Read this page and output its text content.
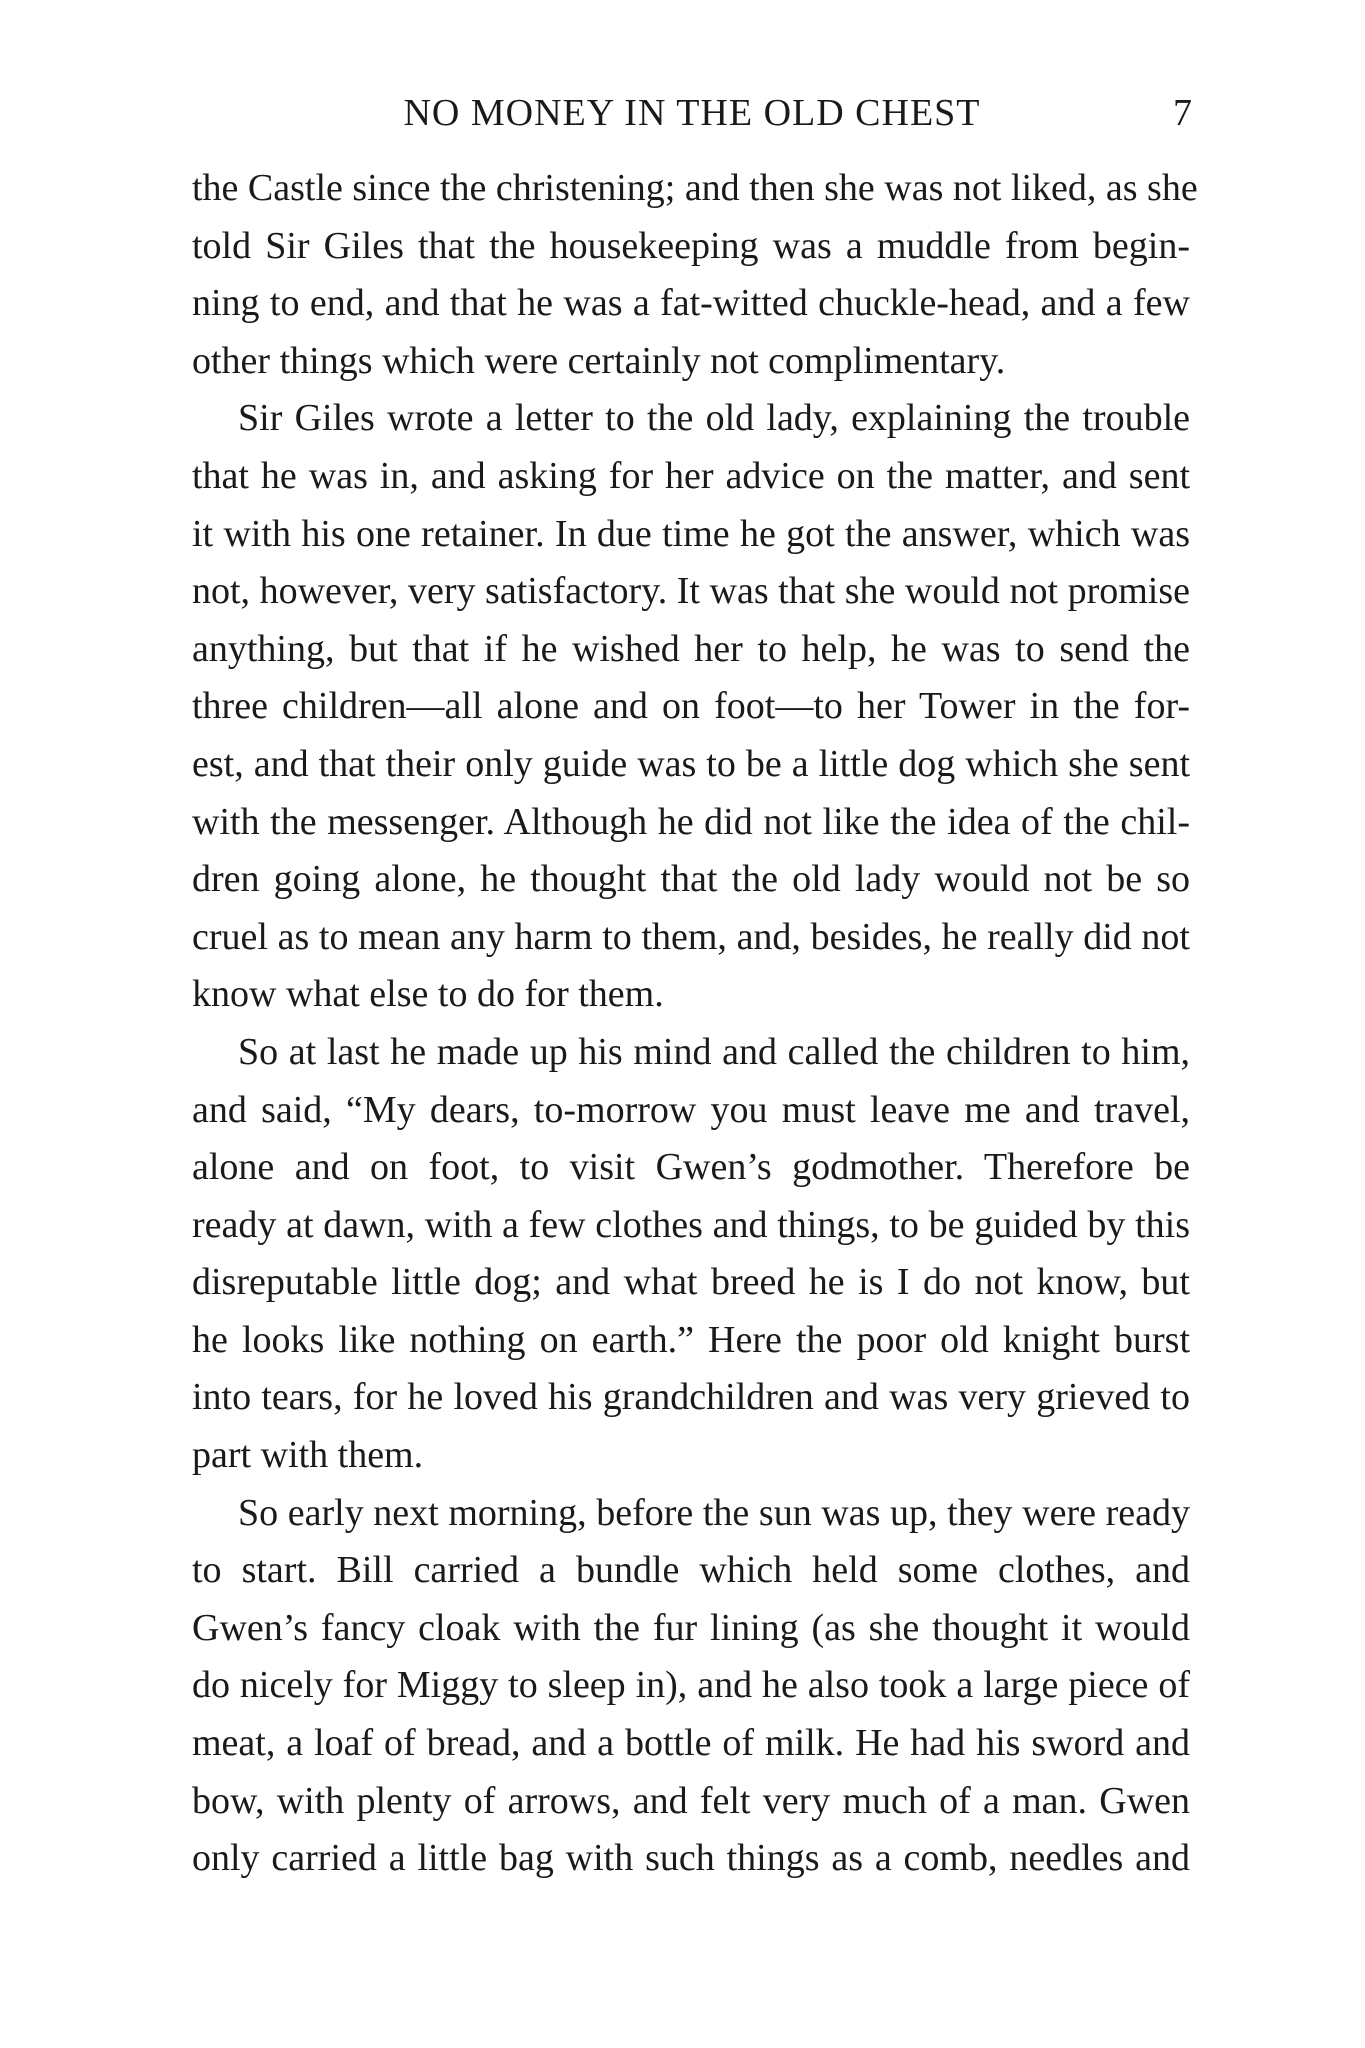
NO MONEY IN THE OLD CHEST	7
the Castle since the christening; and then she was not liked, as she
told Sir Giles that the housekeeping was a muddle from begin-
ning to end, and that he was a fat-witted chuckle-head, and a few
other things which were certainly not complimentary.
Sir Giles wrote a letter to the old lady, explaining the trouble
that he was in, and asking for her advice on the matter, and sent
it with his one retainer. In due time he got the answer, which was
not, however, very satisfactory. It was that she would not promise
anything, but that if he wished her to help, he was to send the
three children—all alone and on foot—to her Tower in the for-
est, and that their only guide was to be a little dog which she sent
with the messenger. Although he did not like the idea of the chil-
dren going alone, he thought that the old lady would not be so
cruel as to mean any harm to them, and, besides, he really did not
know what else to do for them.
So at last he made up his mind and called the children to him,
and said, “My dears, to-morrow you must leave me and travel,
alone and on foot, to visit Gwen’s godmother. Therefore be
ready at dawn, with a few clothes and things, to be guided by this
disreputable little dog; and what breed he is I do not know, but
he looks like nothing on earth.” Here the poor old knight burst
into tears, for he loved his grandchildren and was very grieved to
part with them.
So early next morning, before the sun was up, they were ready
to start. Bill carried a bundle which held some clothes, and
Gwen’s fancy cloak with the fur lining (as she thought it would
do nicely for Miggy to sleep in), and he also took a large piece of
meat, a loaf of bread, and a bottle of milk. He had his sword and
bow, with plenty of arrows, and felt very much of a man. Gwen
only carried a little bag with such things as a comb, needles and
